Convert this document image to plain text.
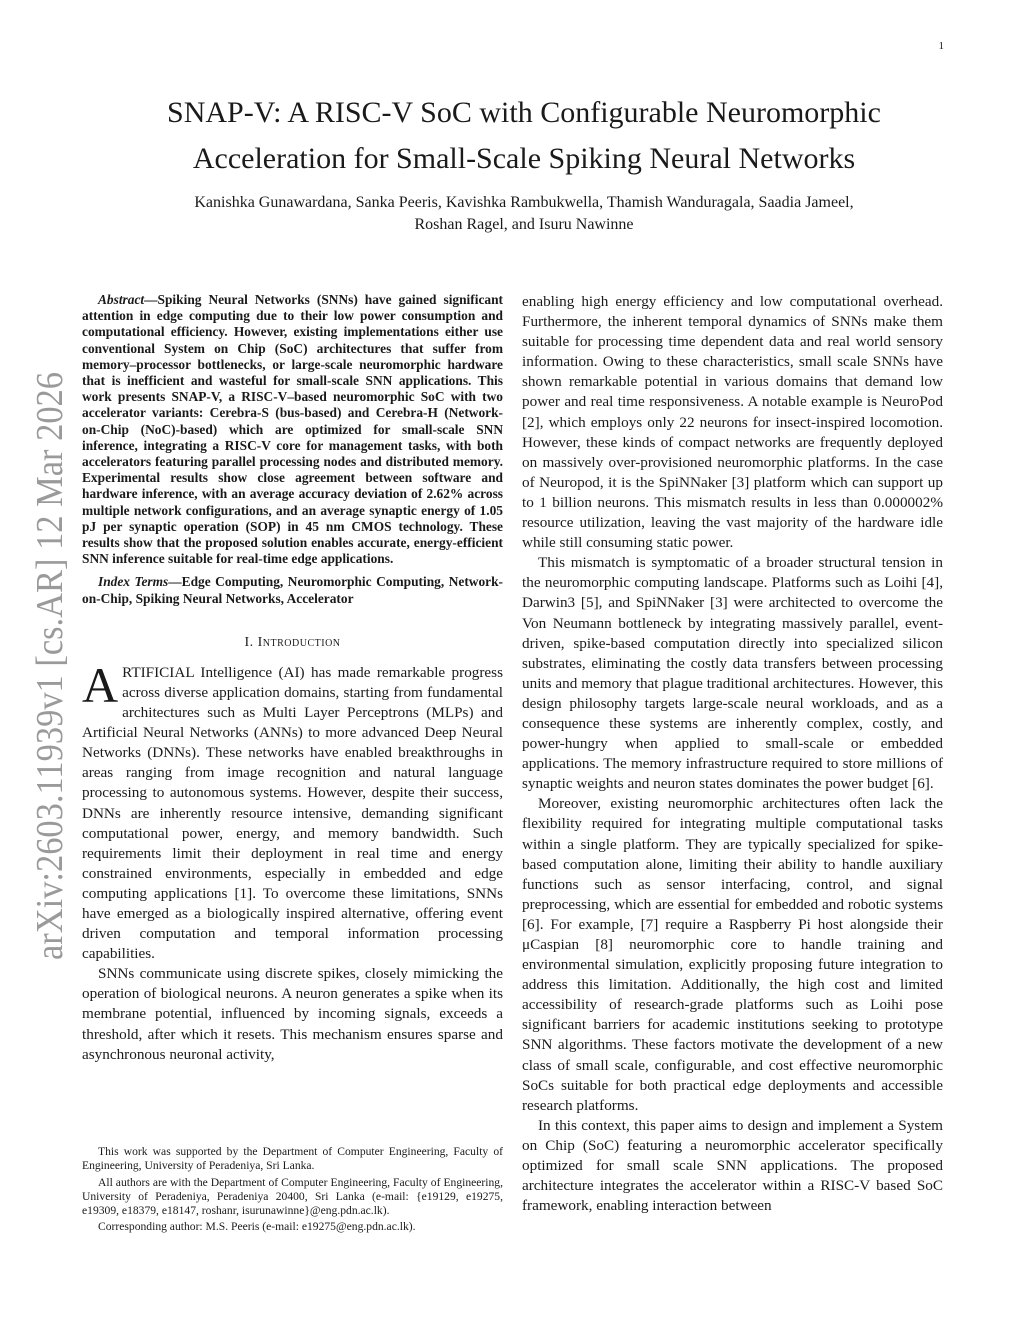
1
arXiv:2603.11939v1 [cs.AR] 12 Mar 2026
SNAP-V: A RISC-V SoC with Configurable Neuromorphic
Acceleration for Small-Scale Spiking Neural Networks
Kanishka Gunawardana, Sanka Peeris, Kavishka Rambukwella, Thamish Wanduragala, Saadia Jameel,
Roshan Ragel, and Isuru Nawinne

Abstract—Spiking Neural Networks (SNNs) have gained significant attention in edge computing due to their low power consumption and computational efficiency. However, existing implementations either use conventional System on Chip (SoC) architectures that suffer from memory–processor bottlenecks, or large-scale neuromorphic hardware that is inefficient and wasteful for small-scale SNN applications. This work presents SNAP-V, a RISC-V–based neuromorphic SoC with two accelerator variants: Cerebra-S (bus-based) and Cerebra-H (Network-on-Chip (NoC)-based) which are optimized for small-scale SNN inference, integrating a RISC-V core for management tasks, with both accelerators featuring parallel processing nodes and distributed memory. Experimental results show close agreement between software and hardware inference, with an average accuracy deviation of 2.62% across multiple network configurations, and an average synaptic energy of 1.05 pJ per synaptic operation (SOP) in 45 nm CMOS technology. These results show that the proposed solution enables accurate, energy-efficient SNN inference suitable for real-time edge applications.

Index Terms—Edge Computing, Neuromorphic Computing, Network-on-Chip, Spiking Neural Networks, Accelerator

I. Introduction

ARTIFICIAL Intelligence (AI) has made remarkable progress across diverse application domains, starting from fundamental architectures such as Multi Layer Perceptrons (MLPs) and Artificial Neural Networks (ANNs) to more advanced Deep Neural Networks (DNNs). These networks have enabled breakthroughs in areas ranging from image recognition and natural language processing to autonomous systems. However, despite their success, DNNs are inherently resource intensive, demanding significant computational power, energy, and memory bandwidth. Such requirements limit their deployment in real time and energy constrained environments, especially in embedded and edge computing applications [1]. To overcome these limitations, SNNs have emerged as a biologically inspired alternative, offering event driven computation and temporal information processing capabilities.

SNNs communicate using discrete spikes, closely mimicking the operation of biological neurons. A neuron generates a spike when its membrane potential, influenced by incoming signals, exceeds a threshold, after which it resets. This mechanism ensures sparse and asynchronous neuronal activity,

This work was supported by the Department of Computer Engineering, Faculty of Engineering, University of Peradeniya, Sri Lanka.

All authors are with the Department of Computer Engineering, Faculty of Engineering, University of Peradeniya, Peradeniya 20400, Sri Lanka (e-mail: {e19129, e19275, e19309, e18379, e18147, roshanr, isurunawinne}@eng.pdn.ac.lk).

Corresponding author: M.S. Peeris (e-mail: e19275@eng.pdn.ac.lk).

enabling high energy efficiency and low computational overhead. Furthermore, the inherent temporal dynamics of SNNs make them suitable for processing time dependent data and real world sensory information. Owing to these characteristics, small scale SNNs have shown remarkable potential in various domains that demand low power and real time responsiveness. A notable example is NeuroPod [2], which employs only 22 neurons for insect-inspired locomotion. However, these kinds of compact networks are frequently deployed on massively over-provisioned neuromorphic platforms. In the case of Neuropod, it is the SpiNNaker [3] platform which can support up to 1 billion neurons. This mismatch results in less than 0.000002% resource utilization, leaving the vast majority of the hardware idle while still consuming static power.

This mismatch is symptomatic of a broader structural tension in the neuromorphic computing landscape. Platforms such as Loihi [4], Darwin3 [5], and SpiNNaker [3] were architected to overcome the Von Neumann bottleneck by integrating massively parallel, event-driven, spike-based computation directly into specialized silicon substrates, eliminating the costly data transfers between processing units and memory that plague traditional architectures. However, this design philosophy targets large-scale neural workloads, and as a consequence these systems are inherently complex, costly, and power-hungry when applied to small-scale or embedded applications. The memory infrastructure required to store millions of synaptic weights and neuron states dominates the power budget [6].

Moreover, existing neuromorphic architectures often lack the flexibility required for integrating multiple computational tasks within a single platform. They are typically specialized for spike-based computation alone, limiting their ability to handle auxiliary functions such as sensor interfacing, control, and signal preprocessing, which are essential for embedded and robotic systems [6]. For example, [7] require a Raspberry Pi host alongside their μCaspian [8] neuromorphic core to handle training and environmental simulation, explicitly proposing future integration to address this limitation. Additionally, the high cost and limited accessibility of research-grade platforms such as Loihi pose significant barriers for academic institutions seeking to prototype SNN algorithms. These factors motivate the development of a new class of small scale, configurable, and cost effective neuromorphic SoCs suitable for both practical edge deployments and accessible research platforms.

In this context, this paper aims to design and implement a System on Chip (SoC) featuring a neuromorphic accelerator specifically optimized for small scale SNN applications. The proposed architecture integrates the accelerator within a RISC-V based SoC framework, enabling interaction between
